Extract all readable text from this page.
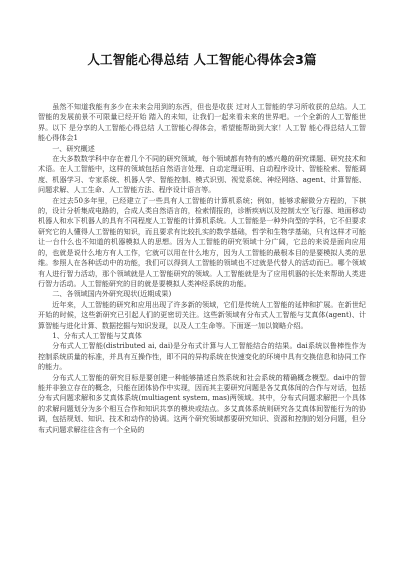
人工智能心得总结 人工智能心得体会3篇

虽然不知道我能有多少在未来会用到的东西，但也是收获 过对人工智能的学习所收获的总结。人工智能的发展前景不可限量已经开始 踏入的未知，让我们一起来看未来的世界吧。一个全新的人工智能世界。以下 是分享的人工智能心得总结 人工智能心得体会，希望能帮助到大家！人工智 能心得总结人工智能心得体会1

一、研究概述

在大多数数学科中存在着几个不同的研究领域，每个领域都有特有的感兴趣的研究课题、研究技术和术语。在人工智能中，这样的领域包括自然语言处理、自动定理证明、自动程序设计、智能检索、智能调度、机器学习、专家系统、机器人学、智能控制、模式识别、视觉系统、神经网络、agent、计算智能、问题求解、人工生命、人工智能方法、程序设计语言等。

在过去50多年里，已经建立了一些具有人工智能的计算机系统；例如，能够求解微分方程的，下棋的，设计分析集成电路的，合成人类自然语言的，检索情报的，诊断疾病以及控制太空飞行器、地面移动机器人和水下机器人的具有不同程度人工智能的计算机系统。人工智能是一种外向型的学科，它不但要求研究它的人懂得人工智能的知识，而且要求有比较扎实的数学基础，哲学和生物学基础，只有这样才可能让一台什么也不知道的机器模拟人的思想。因为人工智能的研究领域十分广阔，它总的来说是面向应用的，也就是说什么地方有人工作，它就可以用在什么地方，因为人工智能的最根本目的是要模拟人类的思维。参照人在各种活动中的功能，我们可以得到人工智能的领域也不过就是代替人的活动而已。哪个领域有人进行智力活动，那个领域就是人工智能研究的领域。人工智能就是为了应用机器的长处来帮助人类进行智力活动。人工智能研究的目的就是要模拟人类神经系统的功能。

二、各领域国内外研究现状(近期成果)

近年来，人工智能的研究和应用出现了许多新的领域，它们是传统人工智能的延伸和扩展。在新世纪开始的时候，这些新研究已引起人们的更密切关注。这些新领域有分布式人工智能与艾真体(agent)、计算智能与进化计算、数据挖掘与知识发现，以及人工生命等。下面逐一加以简略介绍。

1、分布式人工智能与艾真体

分布式人工智能(distributed ai, dai)是分布式计算与人工智能结合的结果。dai系统以鲁棒性作为控制系统质量的标准，并具有互操作性，即不同的异构系统在快速变化的环境中具有交换信息和协同工作的能力。

分布式人工智能的研究目标是要创建一种能够描述自然系统和社会系统的精确概念模型。dai中的智能并非独立存在的概念，只能在团体协作中实现，因而其主要研究问题是各艾真体间的合作与对话，包括分布式问题求解和多艾真体系统(multiagent system, mas)两领域。其中，分布式问题求解把一个具体的求解问题划分为多个相互合作和知识共享的模块或结点。多艾真体系统则研究各艾真体间智能行为的协调，包括规划、知识、技术和动作的协调。这两个研究领域都要研究知识、资源和控制的划分问题，但分布式问题求解往往含有一个全局的
